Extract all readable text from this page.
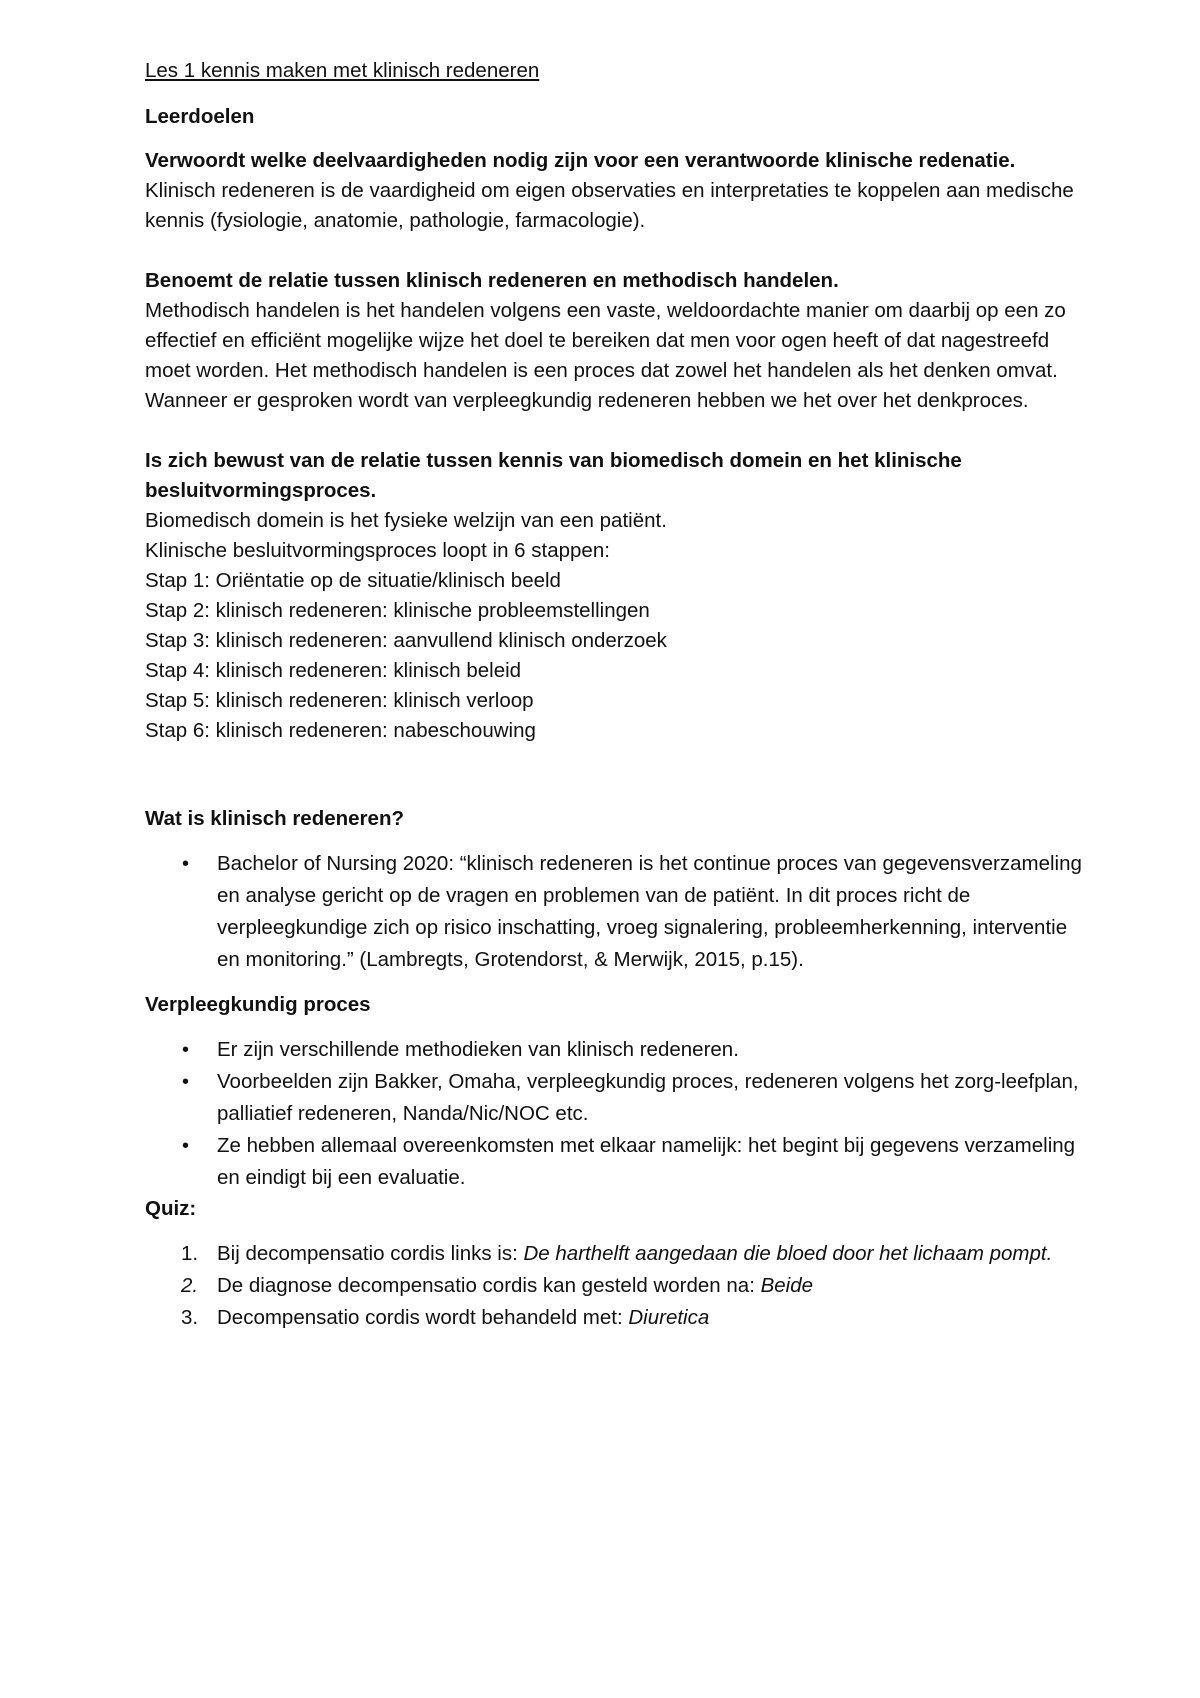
Les 1 kennis maken met klinisch redeneren

Leerdoelen

Verwoordt welke deelvaardigheden nodig zijn voor een verantwoorde klinische redenatie.

Klinisch redeneren is de vaardigheid om eigen observaties en interpretaties te koppelen aan medische kennis (fysiologie, anatomie, pathologie, farmacologie).

Benoemt de relatie tussen klinisch redeneren en methodisch handelen.

Methodisch handelen is het handelen volgens een vaste, weldoordachte manier om daarbij op een zo effectief en efficiënt mogelijke wijze het doel te bereiken dat men voor ogen heeft of dat nagestreefd moet worden. Het methodisch handelen is een proces dat zowel het handelen als het denken omvat. Wanneer er gesproken wordt van verpleegkundig redeneren hebben we het over het denkproces.

Is zich bewust van de relatie tussen kennis van biomedisch domein en het klinische besluitvormingsproces.

Biomedisch domein is het fysieke welzijn van een patiënt.

Klinische besluitvormingsproces loopt in 6 stappen:

Stap 1: Oriëntatie op de situatie/klinisch beeld

Stap 2: klinisch redeneren: klinische probleemstellingen

Stap 3: klinisch redeneren: aanvullend klinisch onderzoek

Stap 4: klinisch redeneren: klinisch beleid

Stap 5: klinisch redeneren: klinisch verloop

Stap 6: klinisch redeneren: nabeschouwing

Wat is klinisch redeneren?

• Bachelor of Nursing 2020: “klinisch redeneren is het continue proces van gegevensverzameling en analyse gericht op de vragen en problemen van de patiënt. In dit proces richt de verpleegkundige zich op risico inschatting, vroeg signalering, probleemherkenning, interventie en monitoring.” (Lambregts, Grotendorst, & Merwijk, 2015, p.15).

Verpleegkundig proces

• Er zijn verschillende methodieken van klinisch redeneren.
• Voorbeelden zijn Bakker, Omaha, verpleegkundig proces, redeneren volgens het zorg-leefplan, palliatief redeneren, Nanda/Nic/NOC etc.
• Ze hebben allemaal overeenkomsten met elkaar namelijk: het begint bij gegevens verzameling en eindigt bij een evaluatie.

Quiz:

1. Bij decompensatio cordis links is: De harthelft aangedaan die bloed door het lichaam pompt.
2. De diagnose decompensatio cordis kan gesteld worden na: Beide
3. Decompensatio cordis wordt behandeld met: Diuretica
